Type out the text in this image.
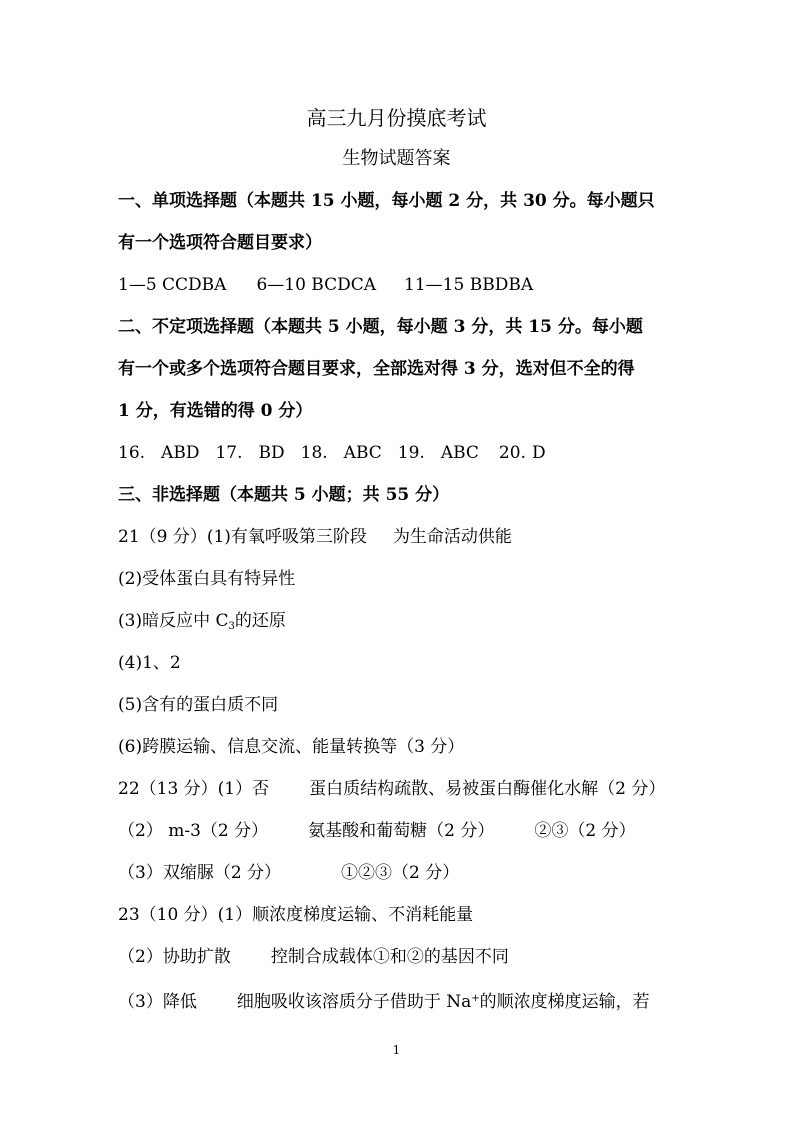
高三九月份摸底考试
生物试题答案
一、单项选择题（本题共 15 小题，每小题 2 分，共 30 分。每小题只
有一个选项符合题目要求）
1—5 CCDBA 6—10 BCDCA 11—15 BBDBA
二、不定项选择题（本题共 5 小题，每小题 3 分，共 15 分。每小题
有一个或多个选项符合题目要求，全部选对得 3 分，选对但不全的得
1 分，有选错的得 0 分）
16. ABD 17. BD 18. ABC 19. ABC 20. D
三、非选择题（本题共 5 小题；共 55 分）
21（9 分）(1)有氧呼吸第三阶段 为生命活动供能
(2)受体蛋白具有特异性
(3)暗反应中 $C_3$的还原
(4)1、2
(5)含有的蛋白质不同
(6)跨膜运输、信息交流、能量转换等（3 分）
22（13 分）(1）否 蛋白质结构疏散、易被蛋白酶催化水解（2 分）
（2） m-3（2 分） 氨基酸和葡萄糖（2 分） ②③（2 分）
（3）双缩脲（2 分）	①②③（2 分）
23（10 分）(1）顺浓度梯度运输、不消耗能量
（2）协助扩散 控制合成载体①和②的基因不同
（3）降低 细胞吸收该溶质分子借助于 Na+的顺浓度梯度运输，若
1
